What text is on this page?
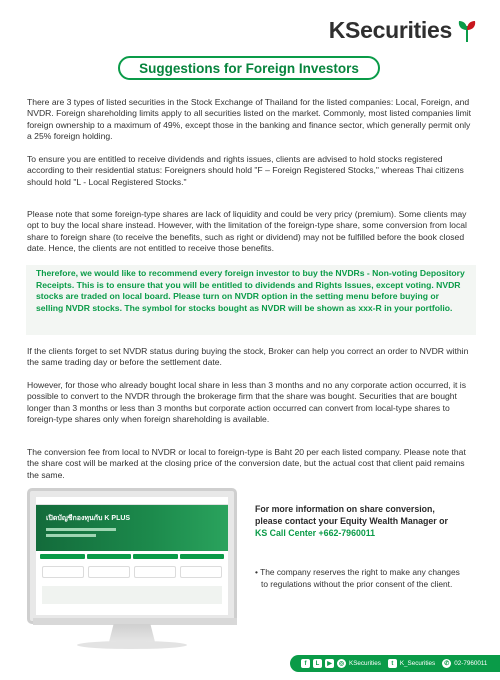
KSecurities
Suggestions for Foreign Investors
There are 3 types of listed securities in the Stock Exchange of Thailand for the listed companies: Local, Foreign, and NVDR. Foreign shareholding limits apply to all securities listed on the market. Commonly, most listed companies limit foreign ownership to a maximum of 49%, except those in the banking and finance sector, which generally permit only a 25% foreign holding.
To ensure you are entitled to receive dividends and rights issues, clients are advised to hold stocks registered according to their residential status: Foreigners should hold "F – Foreign Registered Stocks," whereas Thai citizens should hold "L - Local Registered Stocks."
Please note that some foreign-type shares are lack of liquidity and could be very pricy (premium). Some clients may opt to buy the local share instead. However, with the limitation of the foreign-type share, some conversion from local share to foreign share (to receive the benefits, such as right or dividend) may not be fulfilled before the book closed date. Hence, the clients are not entitled to receive those benefits.
Therefore, we would like to recommend every foreign investor to buy the NVDRs - Non-voting Depository Receipts. This is to ensure that you will be entitled to dividends and Rights Issues, except voting. NVDR stocks are traded on local board. Please turn on NVDR option in the setting menu before buying or selling NVDR stocks. The symbol for stocks bought as NVDR will be shown as xxx-R in your portfolio.
If the clients forget to set NVDR status during buying the stock, Broker can help you correct an order to NVDR within the same trading day or before the settlement date.
However, for those who already bought local share in less than 3 months and no any corporate action occurred, it is possible to convert to the NVDR through the brokerage firm that the share was bought. Securities that are bought longer than 3 months or less than 3 months but corporate action occurred can convert from local-type shares to foreign-type shares only when foreign shareholding is available.
The conversion fee from local to NVDR or local to foreign-type is Baht 20 per each listed company. Please note that the share cost will be marked at the closing price of the conversion date, but the actual cost that client paid remains the same.
เปิดบัญชีกองทุนกับ K PLUS
For more information on share conversion,
please contact your Equity Wealth Manager or
KS Call Center +662-7960011
• The company reserves the right to make any changes
to regulations without the prior consent of the client.
f	L	▶	◎ KSecurities	t	K_Securities	✆ 02-7960011
